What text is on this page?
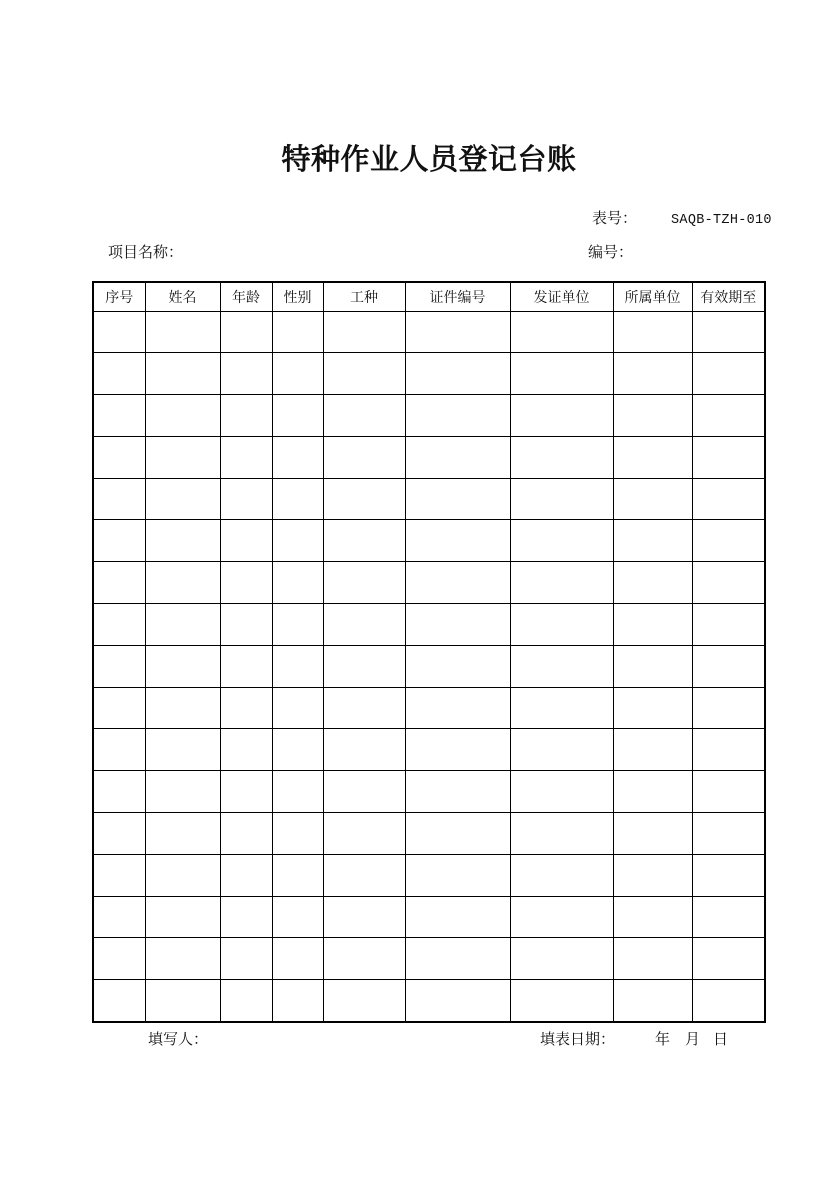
特种作业人员登记台账
表号：	SAQB-TZH-010
项目名称：	编号：
序号	姓名	年龄	性别	工种	证件编号	发证单位	所属单位	有效期至

填写人：	填表日期：	年 月 日
